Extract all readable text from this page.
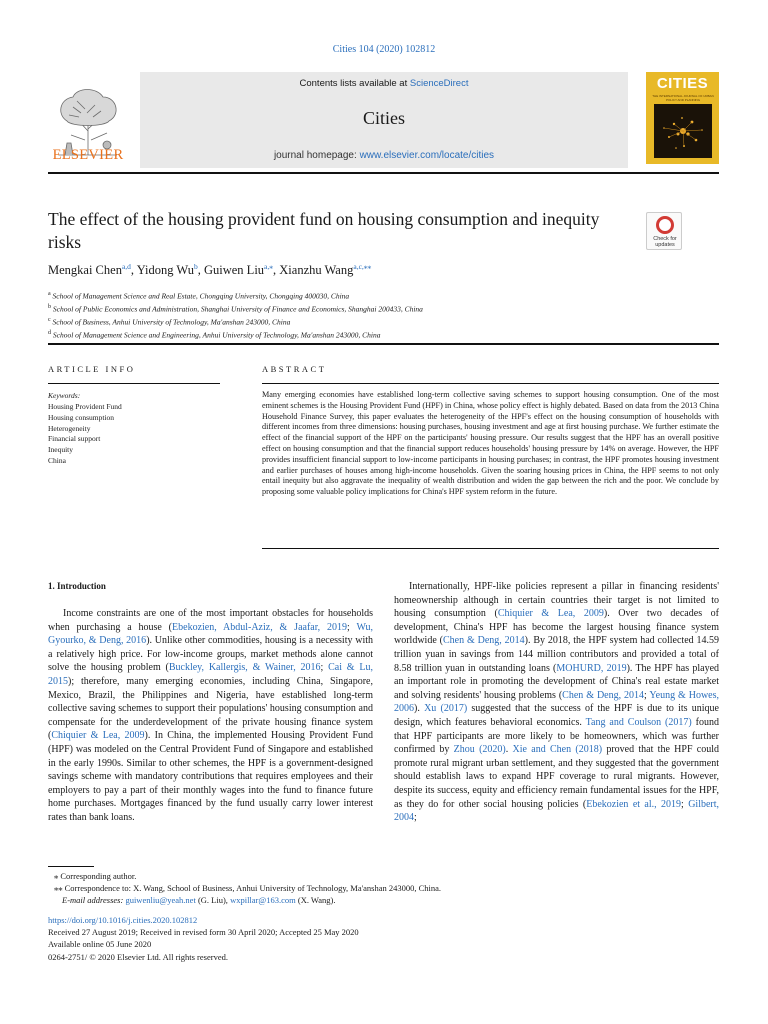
Cities 104 (2020) 102812
ELSEVIER
Contents lists available at ScienceDirect
Cities
journal homepage: www.elsevier.com/locate/cities
CITIES
THE INTERNATIONAL JOURNAL OF URBAN POLICY AND PLANNING
The effect of the housing provident fund on housing consumption and inequity risks	Check for updates
Mengkai Chen$^{a,d}$, Yidong Wu$^b$, Guiwen Liu$^{a,⁎}$, Xianzhu Wang$^{a,c,⁎⁎}$
$^a$ School of Management Science and Real Estate, Chongqing University, Chongqing 400030, China
$^b$ School of Public Economics and Administration, Shanghai University of Finance and Economics, Shanghai 200433, China
$^c$ School of Business, Anhui University of Technology, Ma'anshan 243000, China
$^d$ School of Management Science and Engineering, Anhui University of Technology, Ma'anshan 243000, China
ARTICLE INFO	ABSTRACT
Keywords:
Housing Provident Fund
Housing consumption
Heterogeneity
Financial support
Inequity
China
Many emerging economies have established long-term collective saving schemes to support housing consumption. One of the most eminent schemes is the Housing Provident Fund (HPF) in China, whose policy effect is highly debated. Based on data from the 2013 China Household Finance Survey, this paper evaluates the heterogeneity of the HPF's effect on the housing consumption of households with different incomes from three dimensions: housing purchases, housing investment and age at first housing purchase. We further estimate the effect of the financial support of the HPF on the participants' housing pressure. Our results suggest that the HPF has an overall positive effect on housing consumption and that the financial support reduces households' housing pressure by 14% on average. However, the HPF provides insufficient financial support to low-income participants in housing purchases; in contrast, the HPF promotes housing investment and earlier purchases of houses among high-income households. Given the soaring housing prices in China, the HPF seems to not only entail inequity but also aggravate the inequality of wealth distribution and widen the gap between the rich and the poor. We conclude by proposing some valuable policy implications for China's HPF system reform in the future.
1. Introduction
Income constraints are one of the most important obstacles for households when purchasing a house (Ebekozien, Abdul-Aziz, & Jaafar, 2019; Wu, Gyourko, & Deng, 2016). Unlike other commodities, housing is a necessity with a relatively high price. For low-income groups, market methods alone cannot solve the housing problem (Buckley, Kallergis, & Wainer, 2016; Cai & Lu, 2015); therefore, many emerging economies, including China, Singapore, Mexico, Brazil, the Philippines and Nigeria, have established long-term collective saving schemes to support their populations' housing consumption and compensate for the underdevelopment of the private housing finance system (Chiquier & Lea, 2009). In China, the implemented Housing Provident Fund (HPF) was modeled on the Central Provident Fund of Singapore and established in the early 1990s. Similar to other schemes, the HPF is a government-designed savings scheme with mandatory contributions that requires employees and their employers to pay a part of their monthly wages into the fund to finance future home purchases. Mortgages financed by the fund usually carry lower interest rates than bank loans.
Internationally, HPF-like policies represent a pillar in financing residents' homeownership although in certain countries their target is not limited to housing consumption (Chiquier & Lea, 2009). Over two decades of development, China's HPF has become the largest housing finance system worldwide (Chen & Deng, 2014). By 2018, the HPF system had collected 14.59 trillion yuan in savings from 144 million contributors and provided a total of 8.58 trillion yuan in outstanding loans (MOHURD, 2019). The HPF has played an important role in promoting the development of China's real estate market and solving residents' housing problems (Chen & Deng, 2014; Yeung & Howes, 2006). Xu (2017) suggested that the success of the HPF is due to its unique design, which features behavioral economics. Tang and Coulson (2017) found that HPF participants are more likely to be homeowners, which was further confirmed by Zhou (2020). Xie and Chen (2018) proved that the HPF could promote rural migrant urban settlement, and they suggested that the government should establish laws to expand HPF coverage to rural migrants. However, despite its success, equity and efficiency remain fundamental issues for the HPF, as they do for other social housing policies (Ebekozien et al., 2019; Gilbert, 2004;
⁎ Corresponding author.
⁎⁎ Correspondence to: X. Wang, School of Business, Anhui University of Technology, Ma'anshan 243000, China.
E-mail addresses: guiwenliu@yeah.net (G. Liu), wxpillar@163.com (X. Wang).
https://doi.org/10.1016/j.cities.2020.102812
Received 27 August 2019; Received in revised form 30 April 2020; Accepted 25 May 2020
Available online 05 June 2020
0264-2751/ © 2020 Elsevier Ltd. All rights reserved.
